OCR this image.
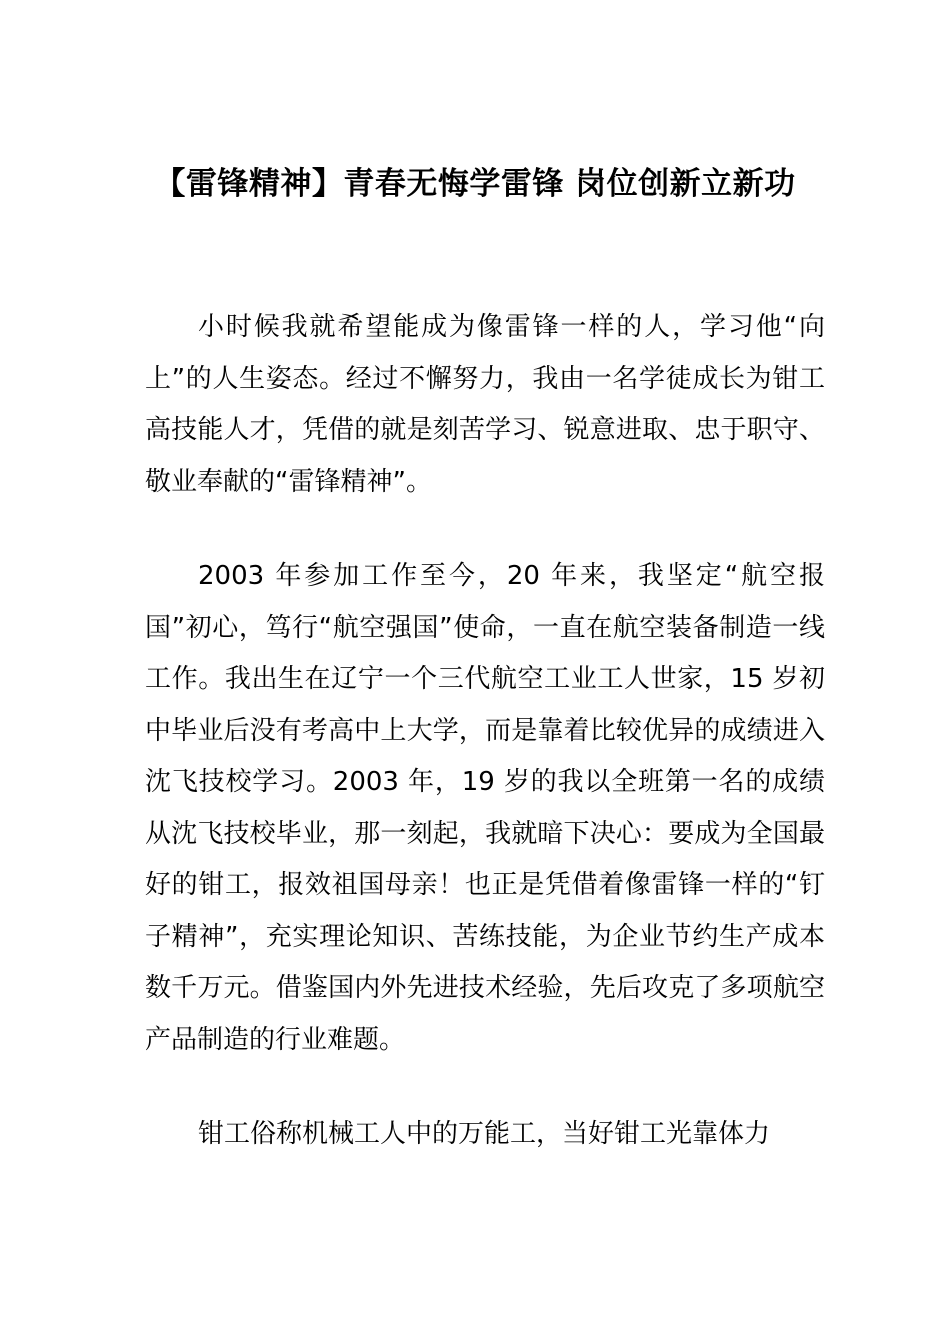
【雷锋精神】青春无悔学雷锋 岗位创新立新功

小时候我就希望能成为像雷锋一样的人，学习他“向上”的人生姿态。经过不懈努力，我由一名学徒成长为钳工高技能人才，凭借的就是刻苦学习、锐意进取、忠于职守、敬业奉献的“雷锋精神”。

2003 年参加工作至今，20 年来，我坚定“航空报国”初心，笃行“航空强国”使命，一直在航空装备制造一线工作。我出生在辽宁一个三代航空工业工人世家，15 岁初中毕业后没有考高中上大学，而是靠着比较优异的成绩进入沈飞技校学习。2003 年，19 岁的我以全班第一名的成绩从沈飞技校毕业，那一刻起，我就暗下决心：要成为全国最好的钳工，报效祖国母亲！也正是凭借着像雷锋一样的“钉子精神”，充实理论知识、苦练技能，为企业节约生产成本数千万元。借鉴国内外先进技术经验，先后攻克了多项航空产品制造的行业难题。

钳工俗称机械工人中的万能工，当好钳工光靠体力
